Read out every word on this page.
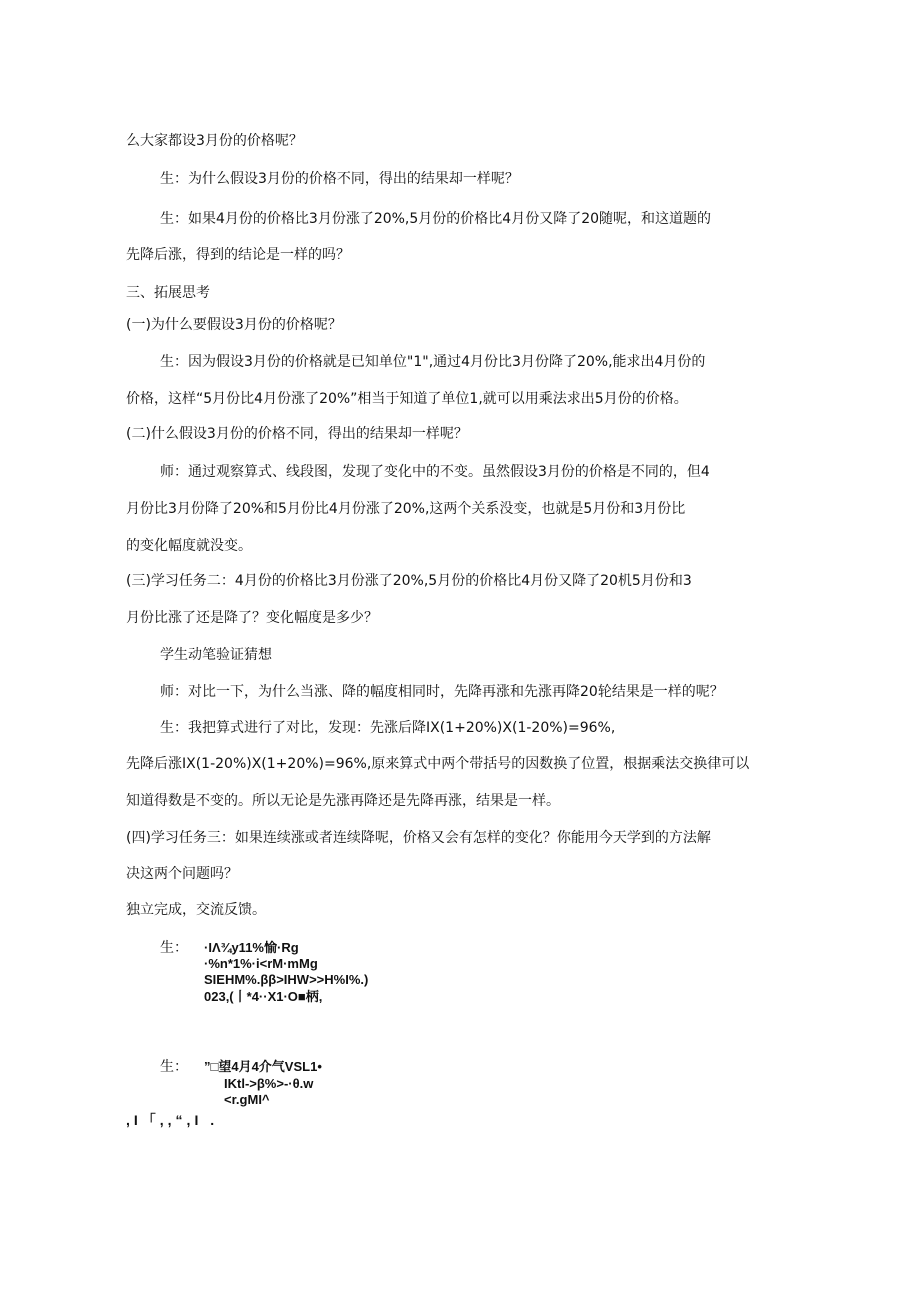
么大家都设3月份的价格呢？
生：为什么假设3月份的价格不同，得出的结果却一样呢？
生：如果4月份的价格比3月份涨了20%,5月份的价格比4月份又降了20随呢，和这道题的
先降后涨，得到的结论是一样的吗？
三、拓展思考
(一)为什么要假设3月份的价格呢？
生：因为假设3月份的价格就是已知单位"1",通过4月份比3月份降了20%,能求出4月份的
价格，这样“5月份比4月份涨了20%”相当于知道了单位1,就可以用乘法求出5月份的价格。
(二)什么假设3月份的价格不同，得出的结果却一样呢？
师：通过观察算式、线段图，发现了变化中的不变。虽然假设3月份的价格是不同的，但4
月份比3月份降了20%和5月份比4月份涨了20%,这两个关系没变，也就是5月份和3月份比
的变化幅度就没变。
(三)学习任务二：4月份的价格比3月份涨了20%,5月份的价格比4月份又降了20机5月份和3
月份比涨了还是降了？变化幅度是多少？
学生动笔验证猜想
师：对比一下，为什么当涨、降的幅度相同时，先降再涨和先涨再降20轮结果是一样的呢？
生：我把算式进行了对比，发现：先涨后降IX(1+20%)X(1-20%)=96%,
先降后涨IX(1-20%)X(1+20%)=96%,原来算式中两个带括号的因数换了位置，根据乘法交换律可以
知道得数是不变的。所以无论是先涨再降还是先降再涨，结果是一样。
(四)学习任务三：如果连续涨或者连续降呢，价格又会有怎样的变化？你能用今天学到的方法解
决这两个问题吗？
独立完成，交流反馈。
生： ·IΛ¾y11%愉·Rg
·%n*1%·i<rM·mMg
SIEHM%.ββ>IHW>>H%I%.)
023,(丨*4··X1·O■柄,
生： ”□望4月4介气VSL1•
IKtl->β%>-·θ.w
<r.gMI^
,I「,,“,I .
